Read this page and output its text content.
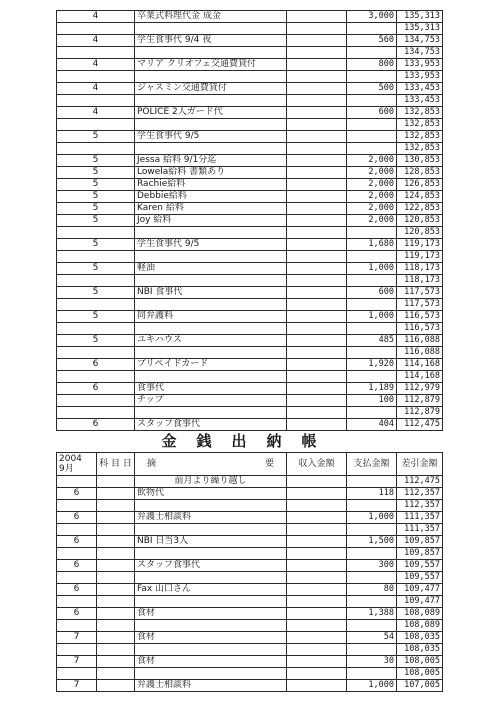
4	卒業式料理代金 成金		3,000	135,313
				135,313
4	学生食事代 9/4 夜		560	134,753
				134,753
4	マリア クリオフェ交通費貸付		800	133,953
				133,953
4	ジャスミン交通費貸付		500	133,453
				133,453
4	POLICE 2人ガード代		600	132,853
				132,853
5	学生食事代 9/5			132,853
				132,853
5	Jessa 給料 9/1分迄		2,000	130,853
5	Lowela給料 書類あり		2,000	128,853
5	Rachie給料		2,000	126,853
5	Debbie給料		2,000	124,853
5	Karen 給料		2,000	122,853
5	Joy 給料		2,000	120,853
				120,853
5	学生食事代 9/5		1,680	119,173
				119,173
5	軽油		1,000	118,173
				118,173
5	NBI 食事代		600	117,573
				117,573
5	同弁護料		1,000	116,573
				116,573
5	ユキハウス		485	116,088
				116,088
6	プリペイドカード		1,920	114,168
				114,168
6	食事代		1,189	112,979
	チップ		100	112,879
				112,879
6	スタッフ食事代		404	112,475
金銭出納帳
2004
9月	科 目 日	摘 要	収入金額	支払金額	差引金額
		前月より繰り越し			112,475
6		飲物代		118	112,357
					112,357
6		弁護士相談料		1,000	111,357
					111,357
6		NBI 日当3人		1,500	109,857
					109,857
6		スタッフ食事代		300	109,557
					109,557
6		Fax 山口さん		80	109,477
					109,477
6		食材		1,388	108,089
					108,089
7		食材		54	108,035
					108,035
7		食材		30	108,005
					108,005
7		弁護士相談料		1,000	107,005
